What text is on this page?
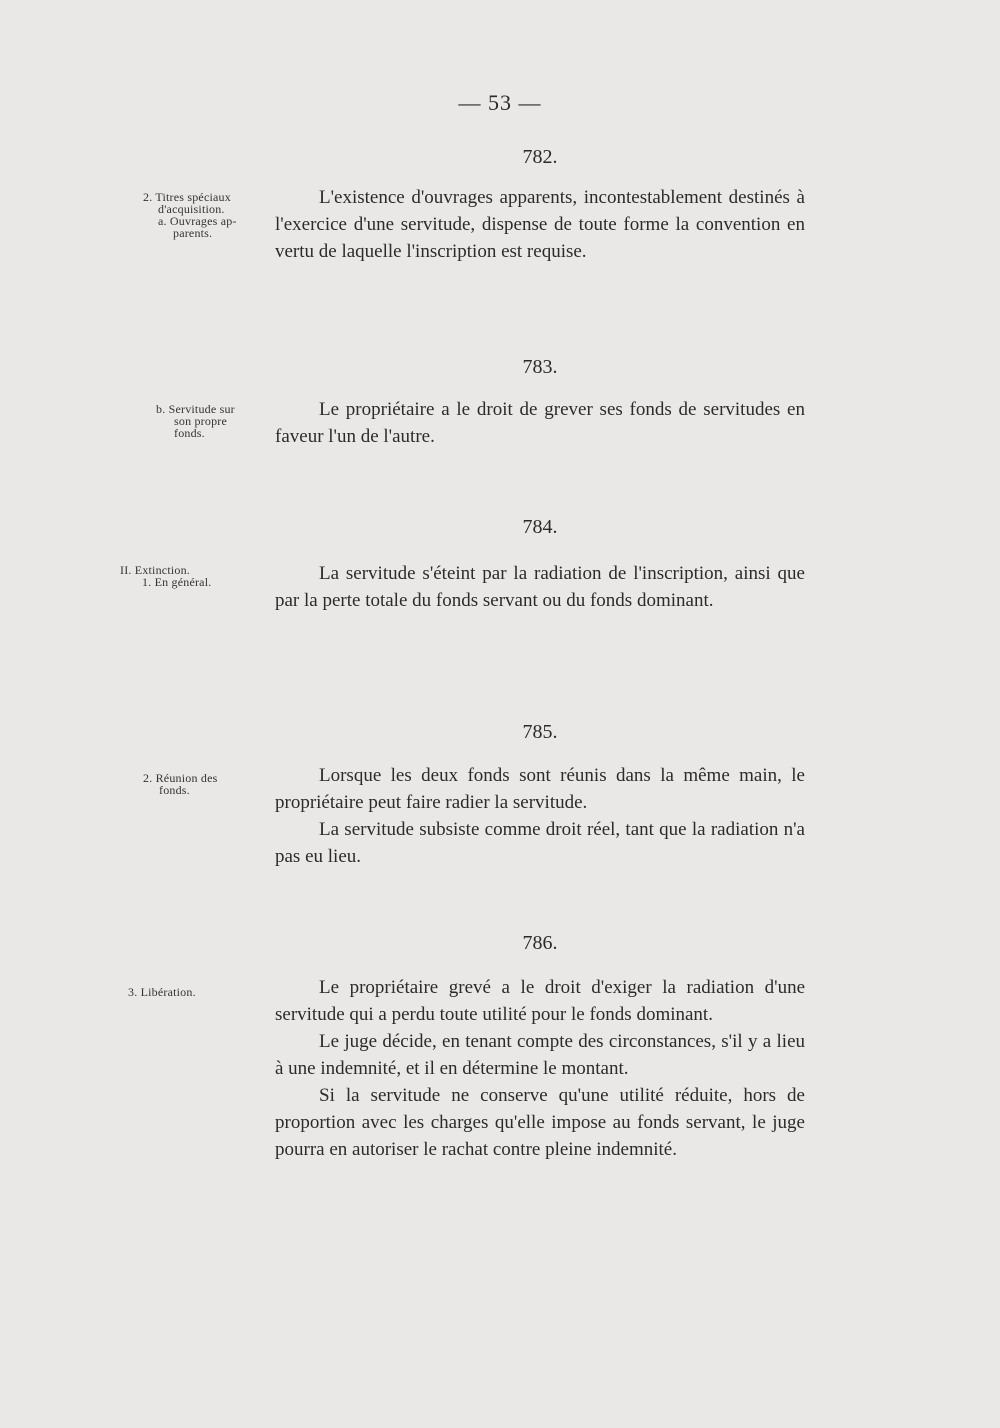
— 53 —
782.
2. Titres spéciaux
d'acquisition.
a. Ouvrages ap-
parents.

L'existence d'ouvrages apparents, incontestablement destinés à l'exercice d'une servitude, dispense de toute forme la convention en vertu de laquelle l'inscription est requise.

783.
b. Servitude sur
son propre
fonds.

Le propriétaire a le droit de grever ses fonds de servitudes en faveur l'un de l'autre.

784.
II. Extinction.
1. En général.	La servitude s'éteint par la radiation de l'inscription, ainsi que par la perte totale du fonds servant ou du fonds dominant.

785.
2. Réunion des
fonds.

Lorsque les deux fonds sont réunis dans la même main, le propriétaire peut faire radier la servitude.

La servitude subsiste comme droit réel, tant que la radiation n'a pas eu lieu.

786.
3. Libération.	Le propriétaire grevé a le droit d'exiger la radiation d'une servitude qui a perdu toute utilité pour le fonds dominant.

Le juge décide, en tenant compte des circonstances, s'il y a lieu à une indemnité, et il en détermine le montant.

Si la servitude ne conserve qu'une utilité réduite, hors de proportion avec les charges qu'elle impose au fonds servant, le juge pourra en autoriser le rachat contre pleine indemnité.
